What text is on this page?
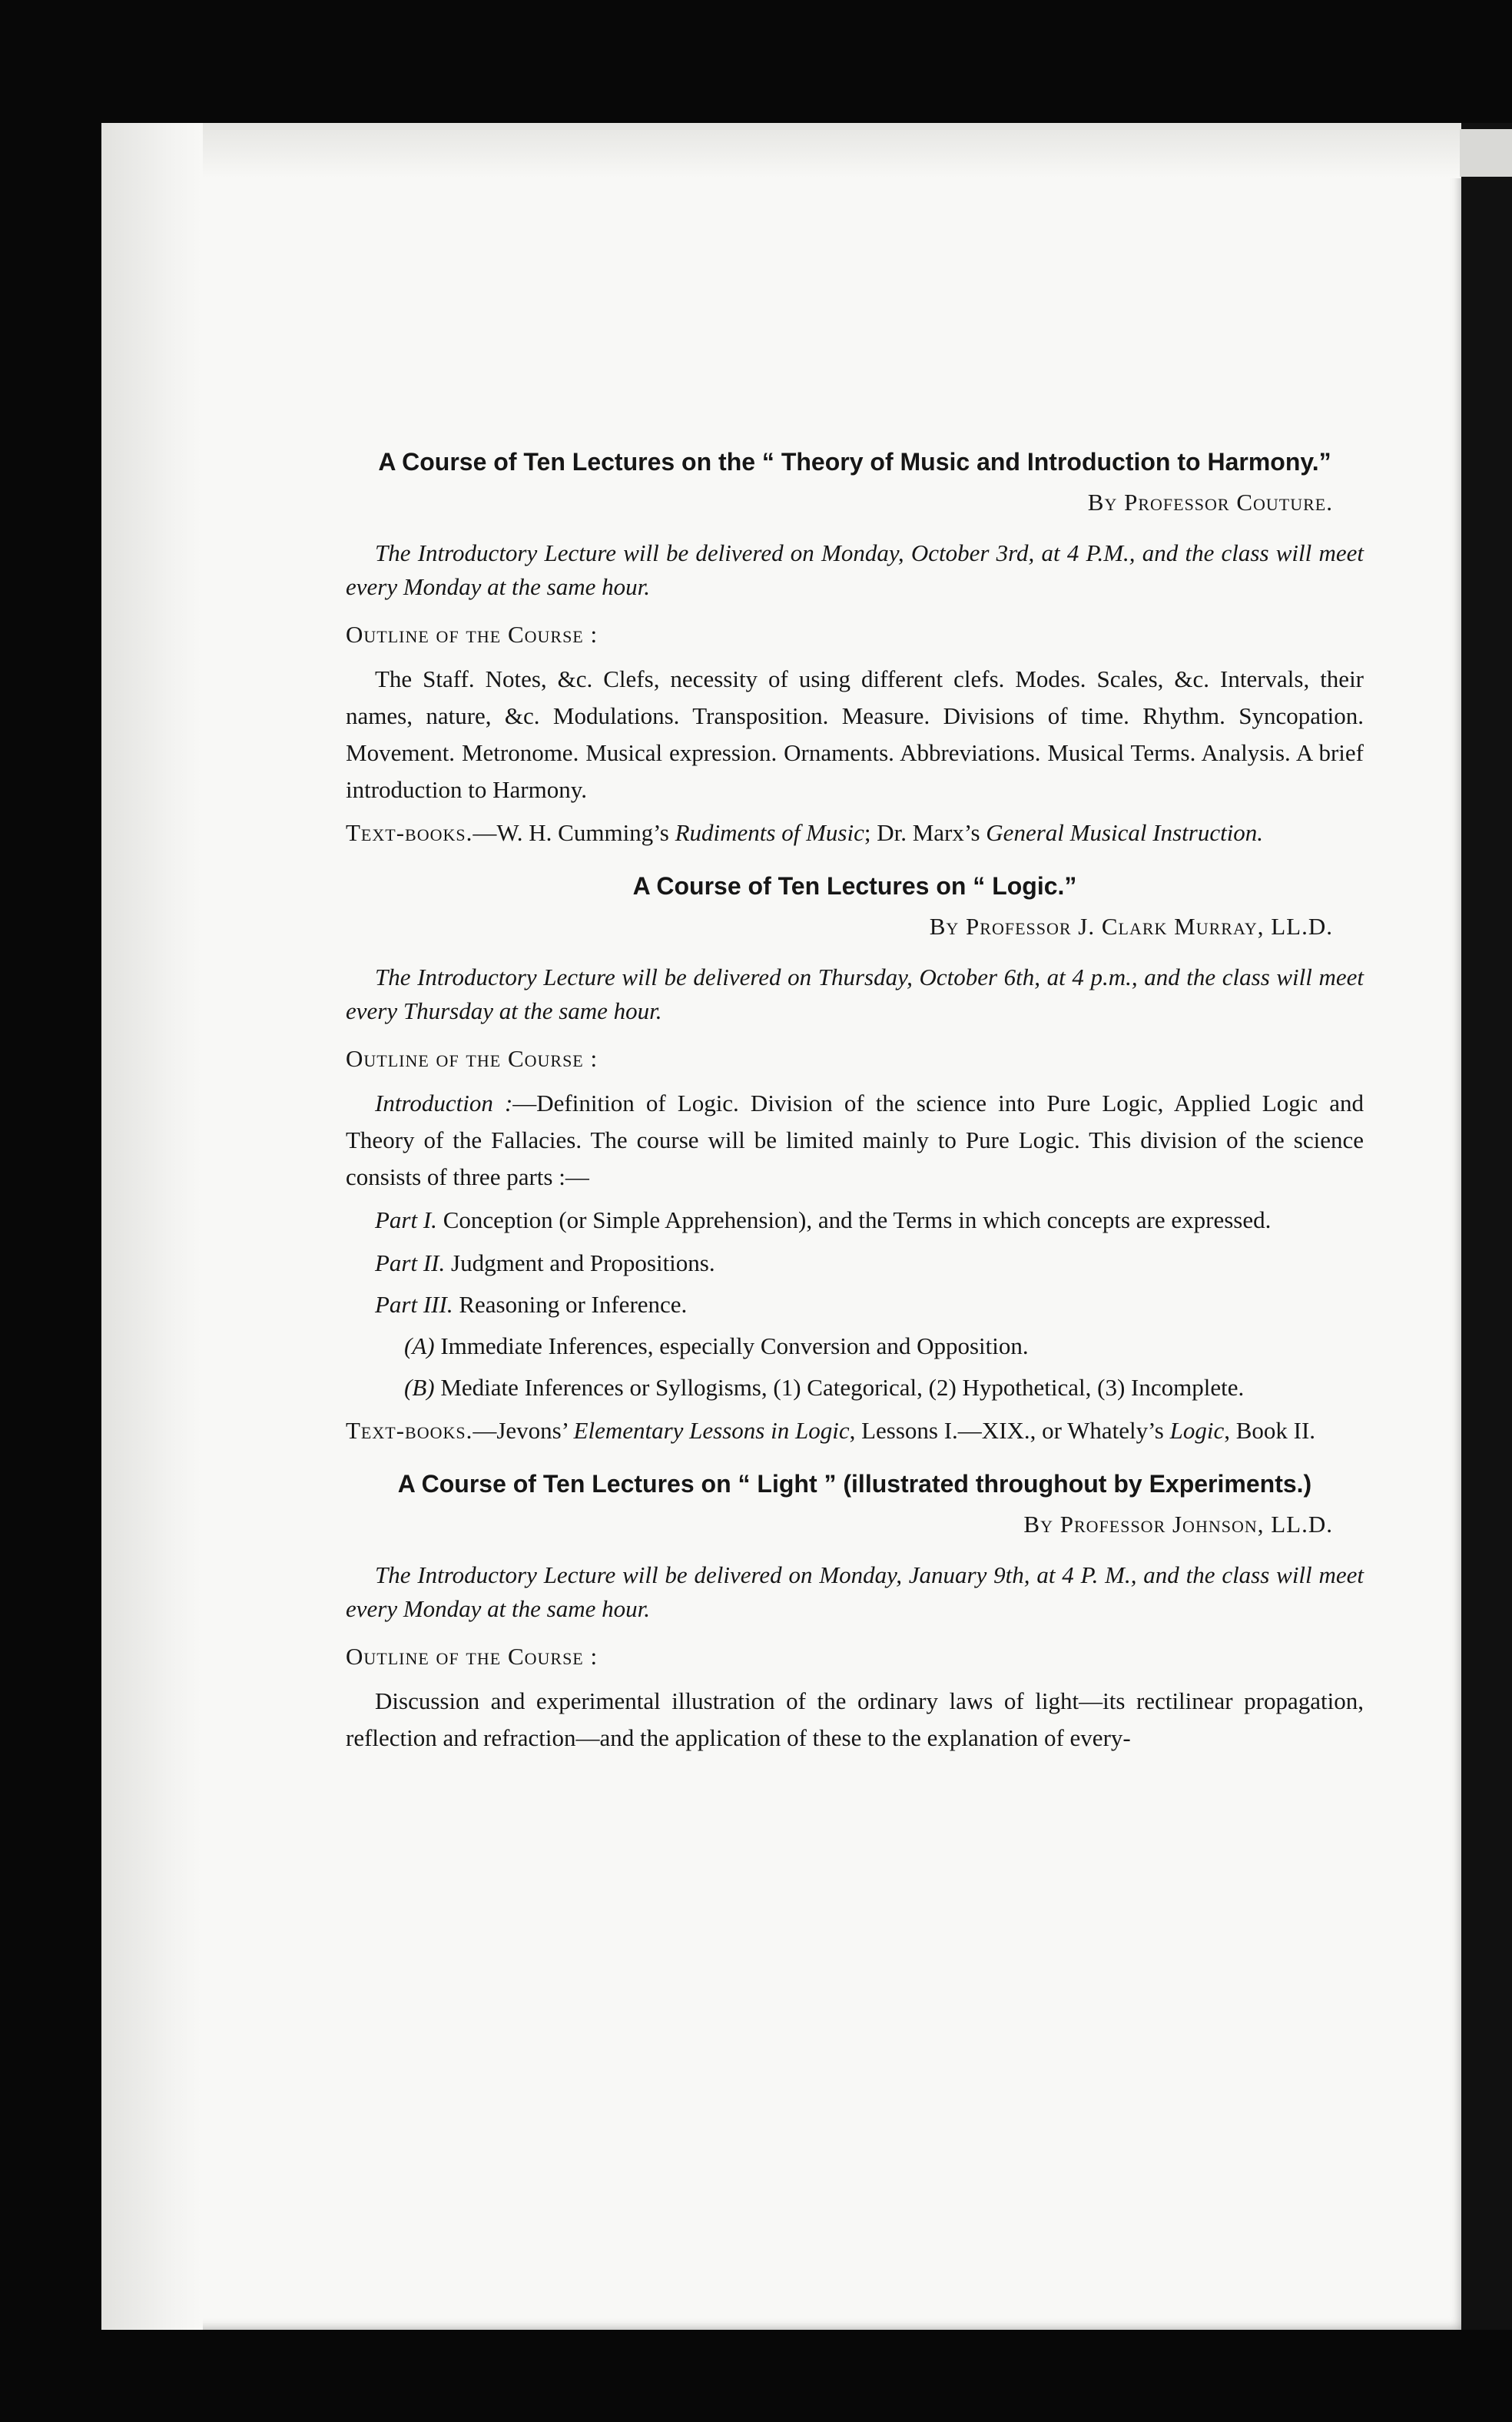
A Course of Ten Lectures on the “ Theory of Music and Introduction to Harmony.”

By Professor Couture.

The Introductory Lecture will be delivered on Monday, October 3rd, at 4 P.M., and the class will meet every Monday at the same hour.

Outline of the Course :

The Staff. Notes, &c. Clefs, necessity of using different clefs. Modes. Scales, &c. Intervals, their names, nature, &c. Modulations. Transposition. Measure. Divisions of time. Rhythm. Syncopation. Movement. Metronome. Musical expression. Ornaments. Abbreviations. Musical Terms. Analysis. A brief introduction to Harmony.

Text-books.—W. H. Cumming’s Rudiments of Music; Dr. Marx’s General Musical Instruction.

A Course of Ten Lectures on “ Logic.”

By Professor J. Clark Murray, LL.D.

The Introductory Lecture will be delivered on Thursday, October 6th, at 4 p.m., and the class will meet every Thursday at the same hour.

Outline of the Course :

Introduction :—Definition of Logic. Division of the science into Pure Logic, Applied Logic and Theory of the Fallacies. The course will be limited mainly to Pure Logic. This division of the science consists of three parts :—

Part I. Conception (or Simple Apprehension), and the Terms in which concepts are expressed.

Part II. Judgment and Propositions.

Part III. Reasoning or Inference.

(A) Immediate Inferences, especially Conversion and Opposition.

(B) Mediate Inferences or Syllogisms, (1) Categorical, (2) Hypothetical, (3) Incomplete.

Text-books.—Jevons’ Elementary Lessons in Logic, Lessons I.—XIX., or Whately’s Logic, Book II.

A Course of Ten Lectures on “ Light ” (illustrated throughout by Experiments.)

By Professor Johnson, LL.D.

The Introductory Lecture will be delivered on Monday, January 9th, at 4 P. M., and the class will meet every Monday at the same hour.

Outline of the Course :

Discussion and experimental illustration of the ordinary laws of light—its rectilinear propagation, reflection and refraction—and the application of these to the explanation of every-
